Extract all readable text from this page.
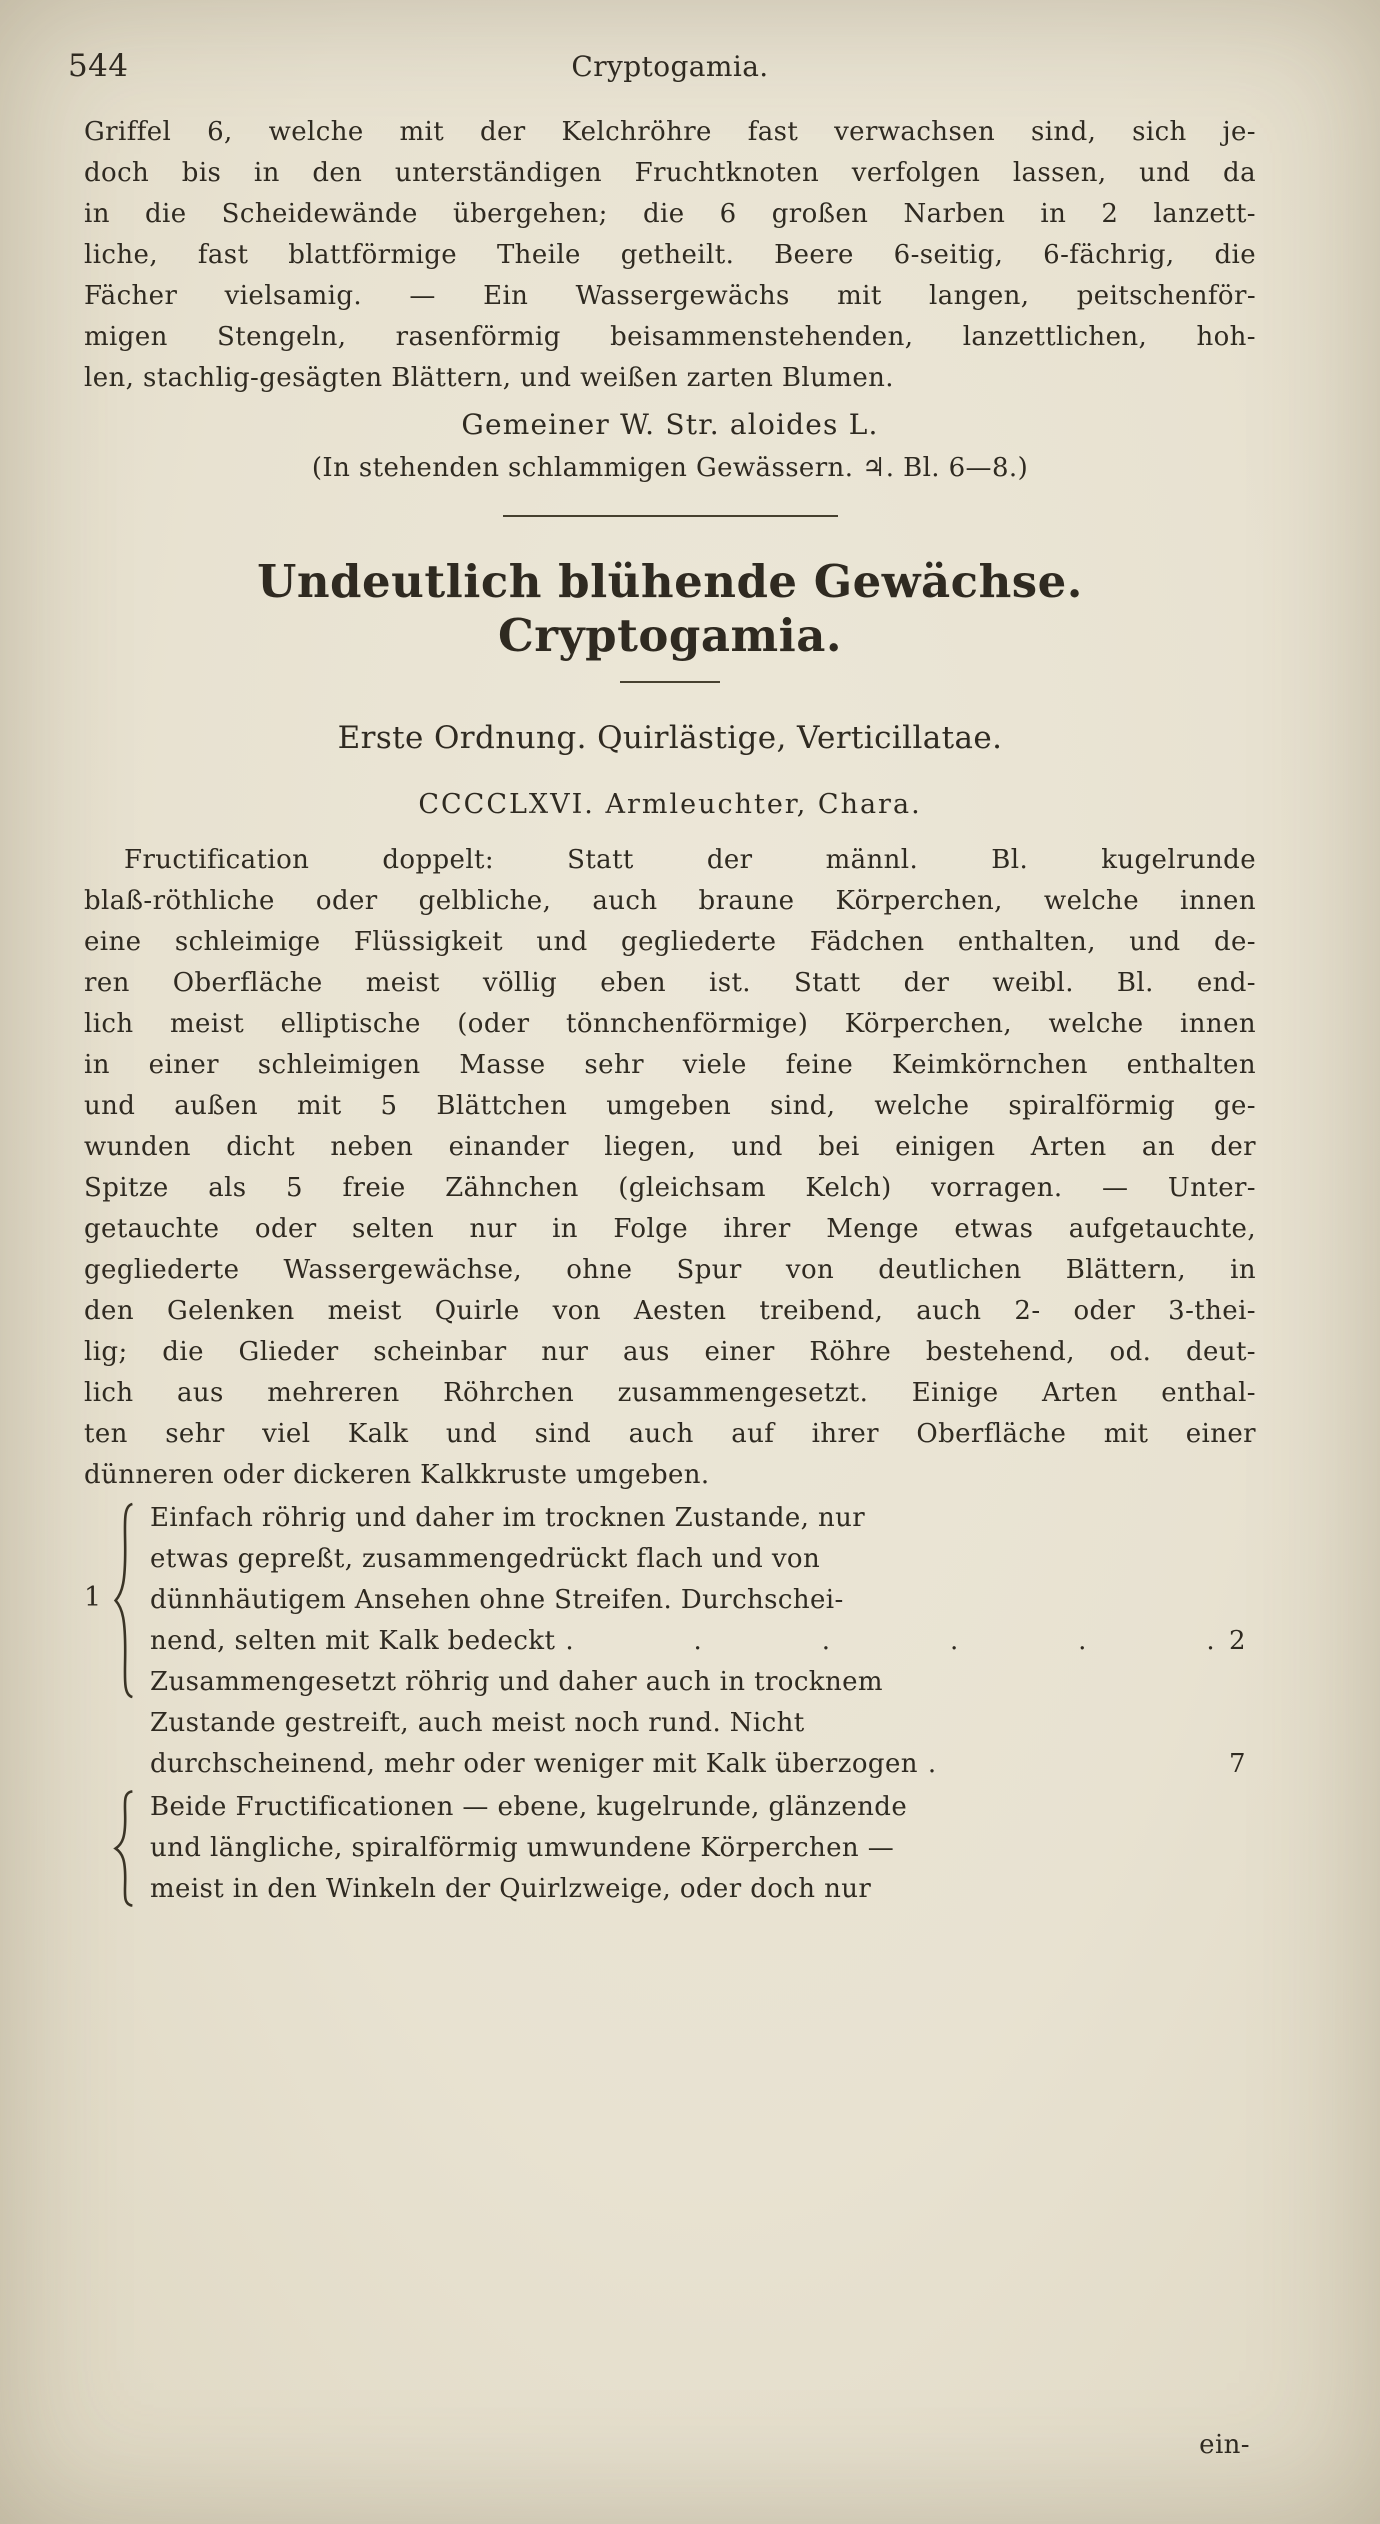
544	Cryptogamia.
Griffel 6, welche mit der Kelchröhre fast verwachsen sind, sich je-
doch bis in den unterständigen Fruchtknoten verfolgen lassen, und da
in die Scheidewände übergehen; die 6 großen Narben in 2 lanzett-
liche, fast blattförmige Theile getheilt. Beere 6-seitig, 6-fächrig, die
Fächer vielsamig. — Ein Wassergewächs mit langen, peitschenför-
migen Stengeln, rasenförmig beisammenstehenden, lanzettlichen, hoh-
len, stachlig-gesägten Blättern, und weißen zarten Blumen.
Gemeiner W. Str. aloides L.
(In stehenden schlammigen Gewässern. ♃. Bl. 6—8.)
Undeutlich blühende Gewächse. Cryptogamia.
Erste Ordnung. Quirlästige, Verticillatae.
CCCCLXVI. Armleuchter, Chara.
Fructification doppelt: Statt der männl. Bl. kugelrunde
blaß-röthliche oder gelbliche, auch braune Körperchen, welche innen
eine schleimige Flüssigkeit und gegliederte Fädchen enthalten, und de-
ren Oberfläche meist völlig eben ist. Statt der weibl. Bl. end-
lich meist elliptische (oder tönnchenförmige) Körperchen, welche innen
in einer schleimigen Masse sehr viele feine Keimkörnchen enthalten
und außen mit 5 Blättchen umgeben sind, welche spiralförmig ge-
wunden dicht neben einander liegen, und bei einigen Arten an der
Spitze als 5 freie Zähnchen (gleichsam Kelch) vorragen. — Unter-
getauchte oder selten nur in Folge ihrer Menge etwas aufgetauchte,
gegliederte Wassergewächse, ohne Spur von deutlichen Blättern, in
den Gelenken meist Quirle von Aesten treibend, auch 2- oder 3-thei-
lig; die Glieder scheinbar nur aus einer Röhre bestehend, od. deut-
lich aus mehreren Röhrchen zusammengesetzt. Einige Arten enthal-
ten sehr viel Kalk und sind auch auf ihrer Oberfläche mit einer
dünneren oder dickeren Kalkkruste umgeben.
1
Einfach röhrig und daher im trocknen Zustande, nur
etwas gepreßt, zusammengedrückt flach und von
dünnhäutigem Ansehen ohne Streifen. Durchschei-
nend, selten mit Kalk bedeckt . . . . . . 2
Zusammengesetzt röhrig und daher auch in trocknem
Zustande gestreift, auch meist noch rund. Nicht
durchscheinend, mehr oder weniger mit Kalk überzogen .	7
Beide Fructificationen — ebene, kugelrunde, glänzende
und längliche, spiralförmig umwundene Körperchen —
meist in den Winkeln der Quirlzweige, oder doch nur
ein-
